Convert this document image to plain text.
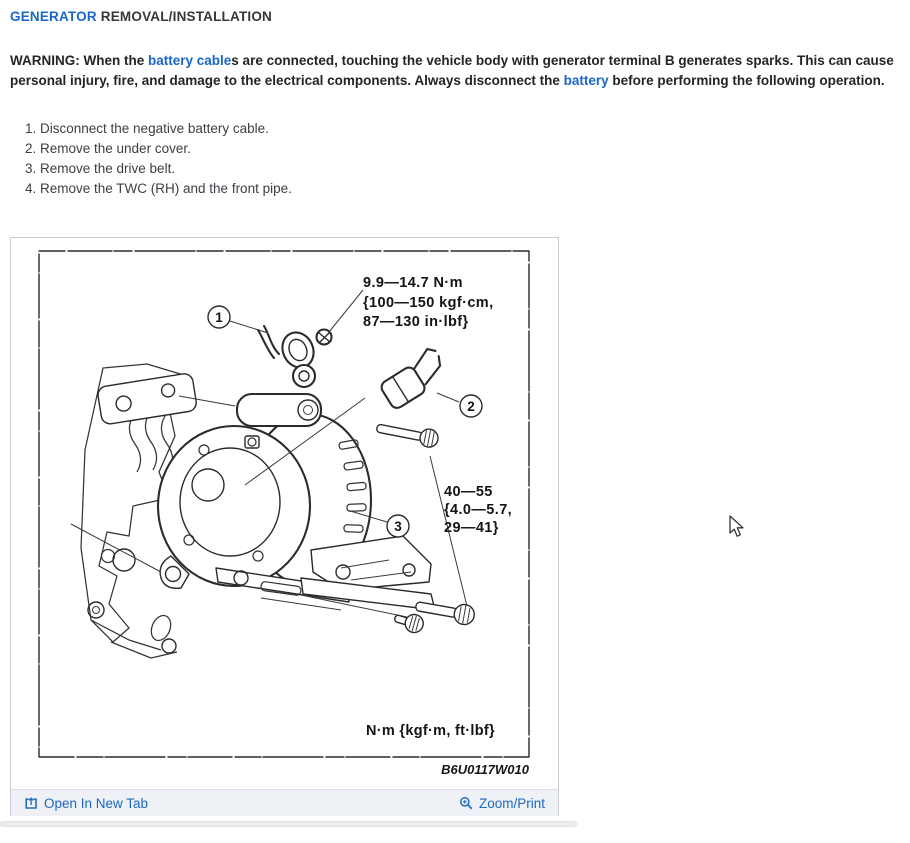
GENERATOR REMOVAL/INSTALLATION

WARNING: When the battery cables are connected, touching the vehicle body with generator terminal B generates sparks. This can cause personal injury, fire, and damage to the electrical components. Always disconnect the battery before performing the following operation.

1. Disconnect the negative battery cable.
2. Remove the under cover.
3. Remove the drive belt.
4. Remove the TWC (RH) and the front pipe.
1
2
3
9.9—14.7 N·m
{100—150 kgf·cm,
87—130 in·lbf}
40—55
{4.0—5.7,
29—41}
N·m {kgf·m, ft·lbf}
B6U0117W010
Open In New Tab	Zoom/Print
